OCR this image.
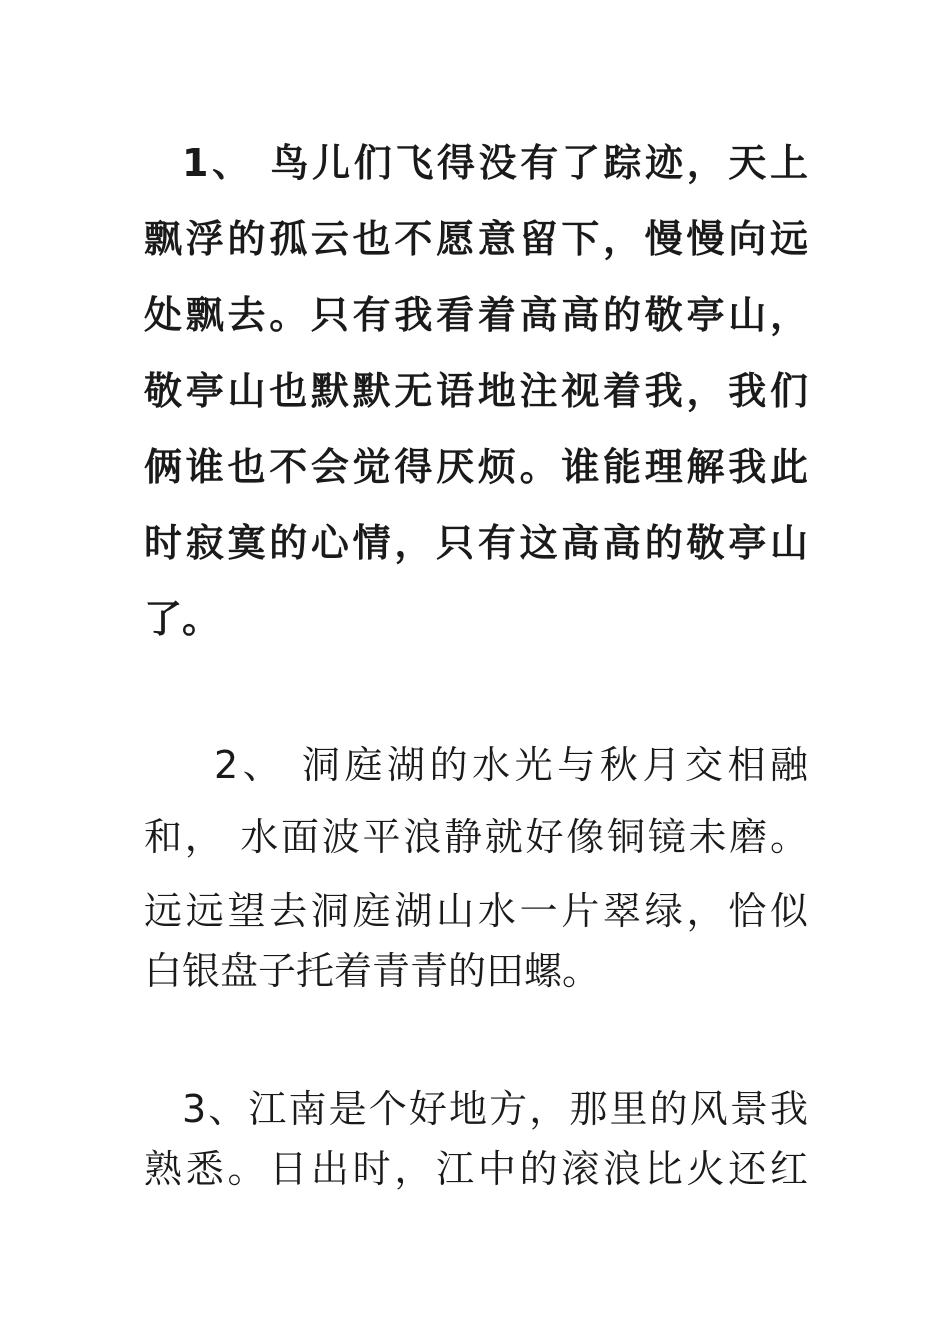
1、 鸟儿们飞得没有了踪迹，天上

飘浮的孤云也不愿意留下，慢慢向远

处飘去。只有我看着高高的敬亭山，

敬亭山也默默无语地注视着我，我们

俩谁也不会觉得厌烦。谁能理解我此

时寂寞的心情，只有这高高的敬亭山

了。

2、 洞庭湖的水光与秋月交相融

和， 水面波平浪静就好像铜镜未磨。

远远望去洞庭湖山水一片翠绿，恰似

白银盘子托着青青的田螺。

3、江南是个好地方，那里的风景我

熟悉。日出时，江中的滚浪比火还红
